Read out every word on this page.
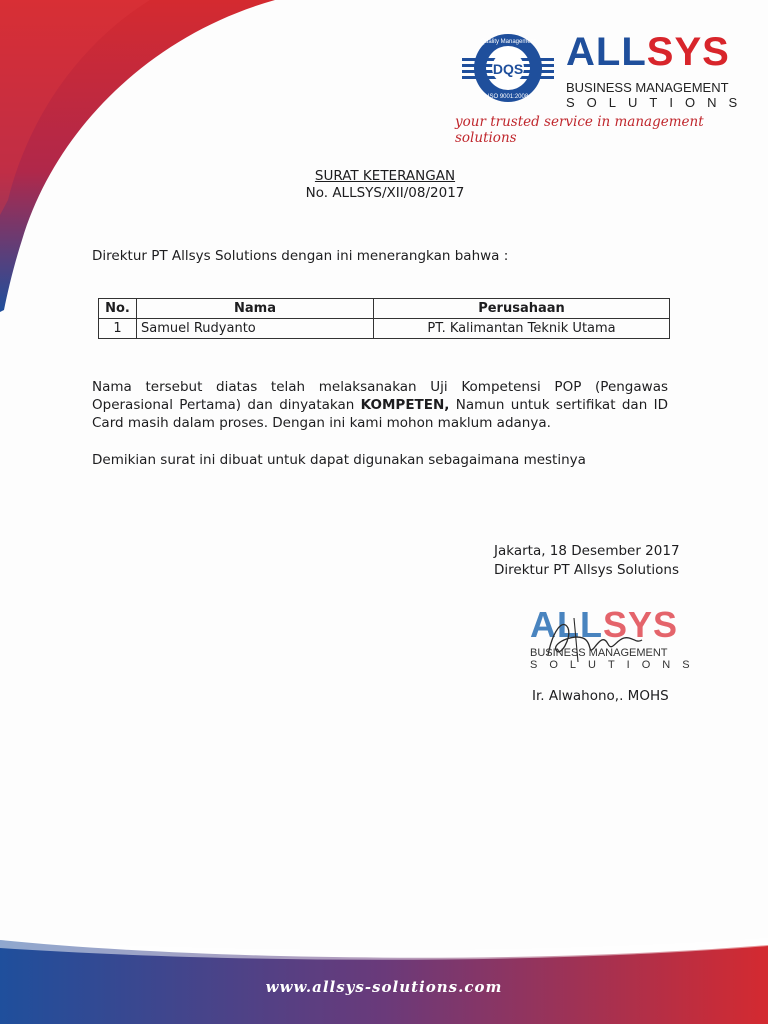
DQS
Quality Management
ISO 9001:2008
ALLSYS
BUSINESS MANAGEMENT
SOLUTIONS
your trusted service in management solutions
SURAT KETERANGAN
No. ALLSYS/XII/08/2017
Direktur PT Allsys Solutions dengan ini menerangkan bahwa :
No.	Nama	Perusahaan
1	Samuel Rudyanto	PT. Kalimantan Teknik Utama
Nama tersebut diatas telah melaksanakan Uji Kompetensi POP (Pengawas Operasional Pertama) dan dinyatakan KOMPETEN, Namun untuk sertifikat dan ID Card masih dalam proses. Dengan ini kami mohon maklum adanya.
Demikian surat ini dibuat untuk dapat digunakan sebagaimana mestinya
Jakarta, 18 Desember 2017
Direktur PT Allsys Solutions
ALLSYS
BUSINESS MANAGEMENT
SOLUTIONS
Ir. Alwahono,. MOHS
www.allsys-solutions.com
